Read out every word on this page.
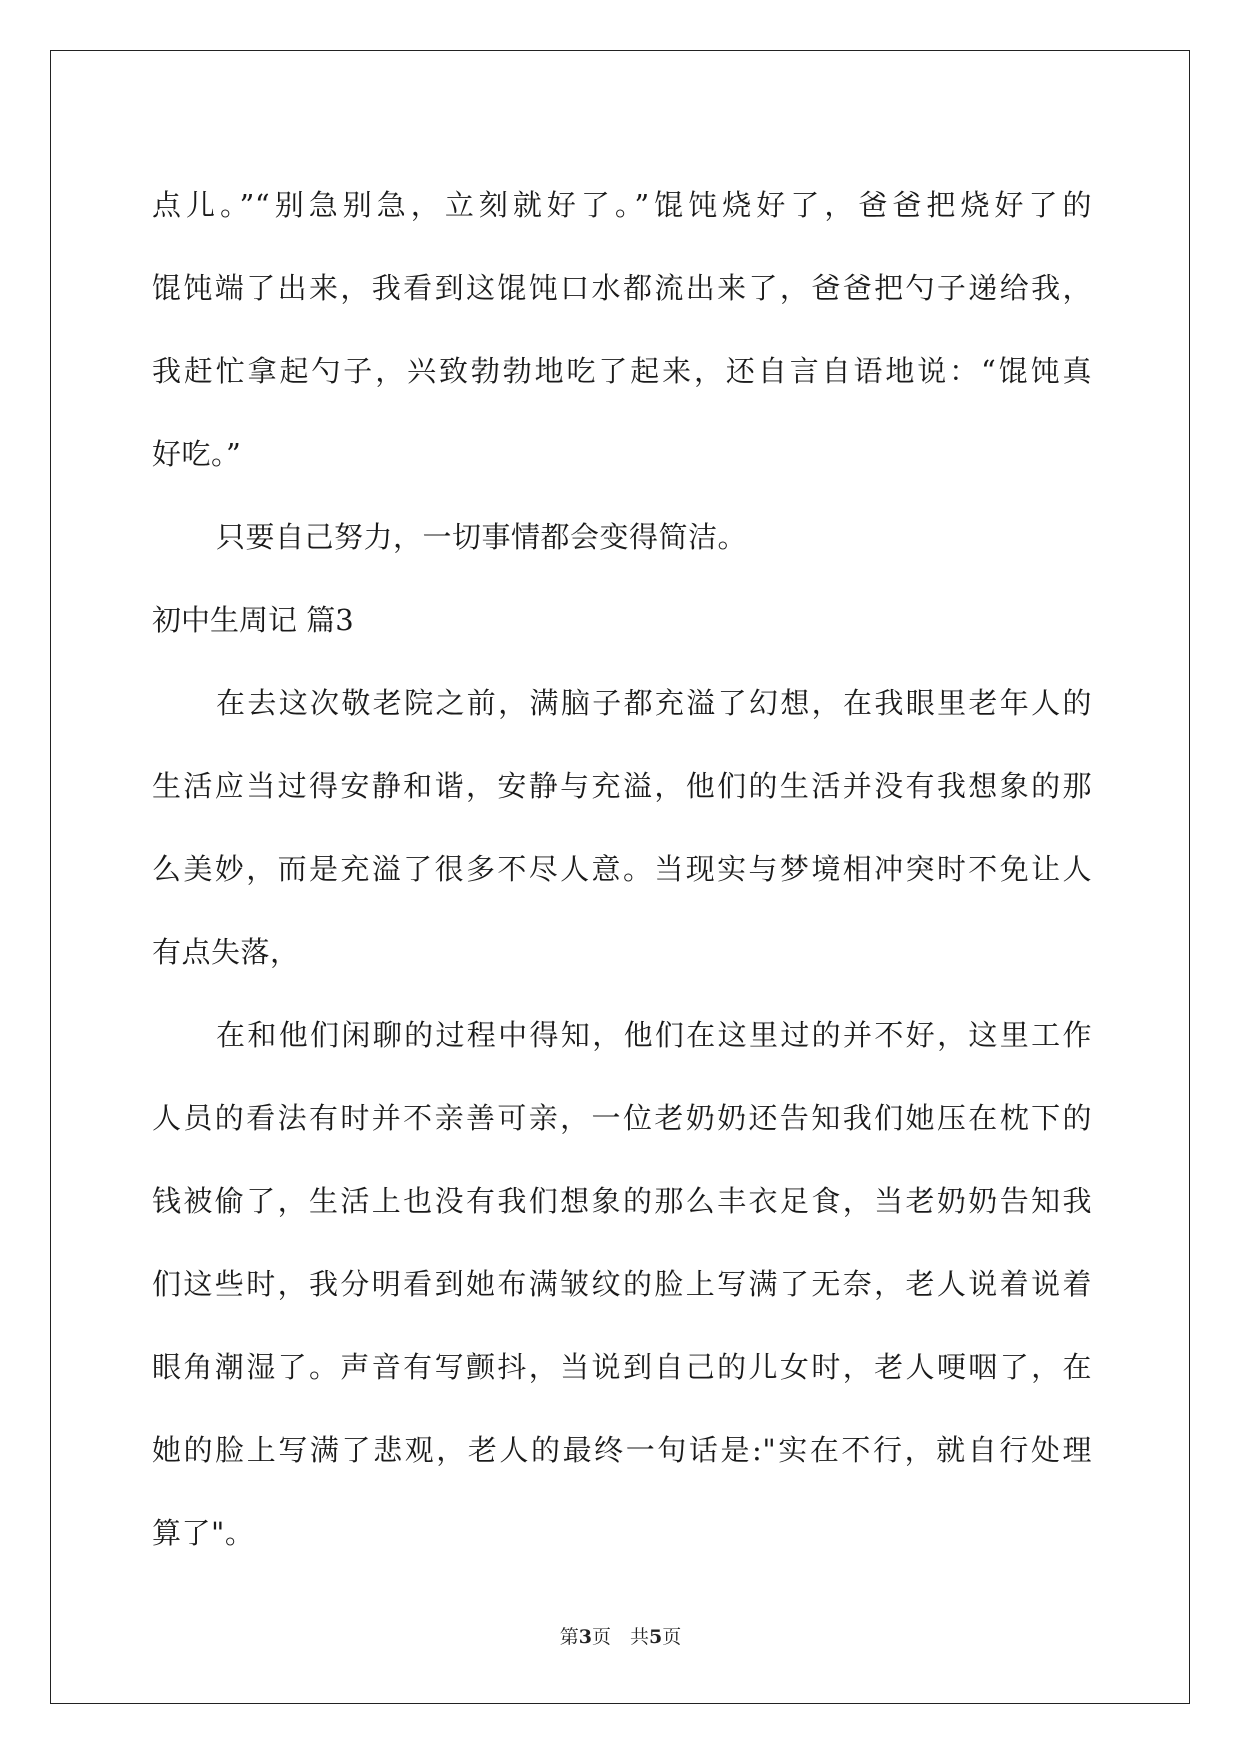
点儿。”“别急别急，立刻就好了。”馄饨烧好了，爸爸把烧好了的
馄饨端了出来，我看到这馄饨口水都流出来了，爸爸把勺子递给我，
我赶忙拿起勺子，兴致勃勃地吃了起来，还自言自语地说：“馄饨真
好吃。”
只要自己努力，一切事情都会变得简洁。
初中生周记 篇3
在去这次敬老院之前，满脑子都充溢了幻想，在我眼里老年人的
生活应当过得安静和谐，安静与充溢，他们的生活并没有我想象的那
么美妙，而是充溢了很多不尽人意。当现实与梦境相冲突时不免让人
有点失落，
在和他们闲聊的过程中得知，他们在这里过的并不好，这里工作
人员的看法有时并不亲善可亲，一位老奶奶还告知我们她压在枕下的
钱被偷了，生活上也没有我们想象的那么丰衣足食，当老奶奶告知我
们这些时，我分明看到她布满皱纹的脸上写满了无奈，老人说着说着
眼角潮湿了。声音有写颤抖，当说到自己的儿女时，老人哽咽了，在
她的脸上写满了悲观，老人的最终一句话是:"实在不行，就自行处理
算了"。
第3页　共5页
